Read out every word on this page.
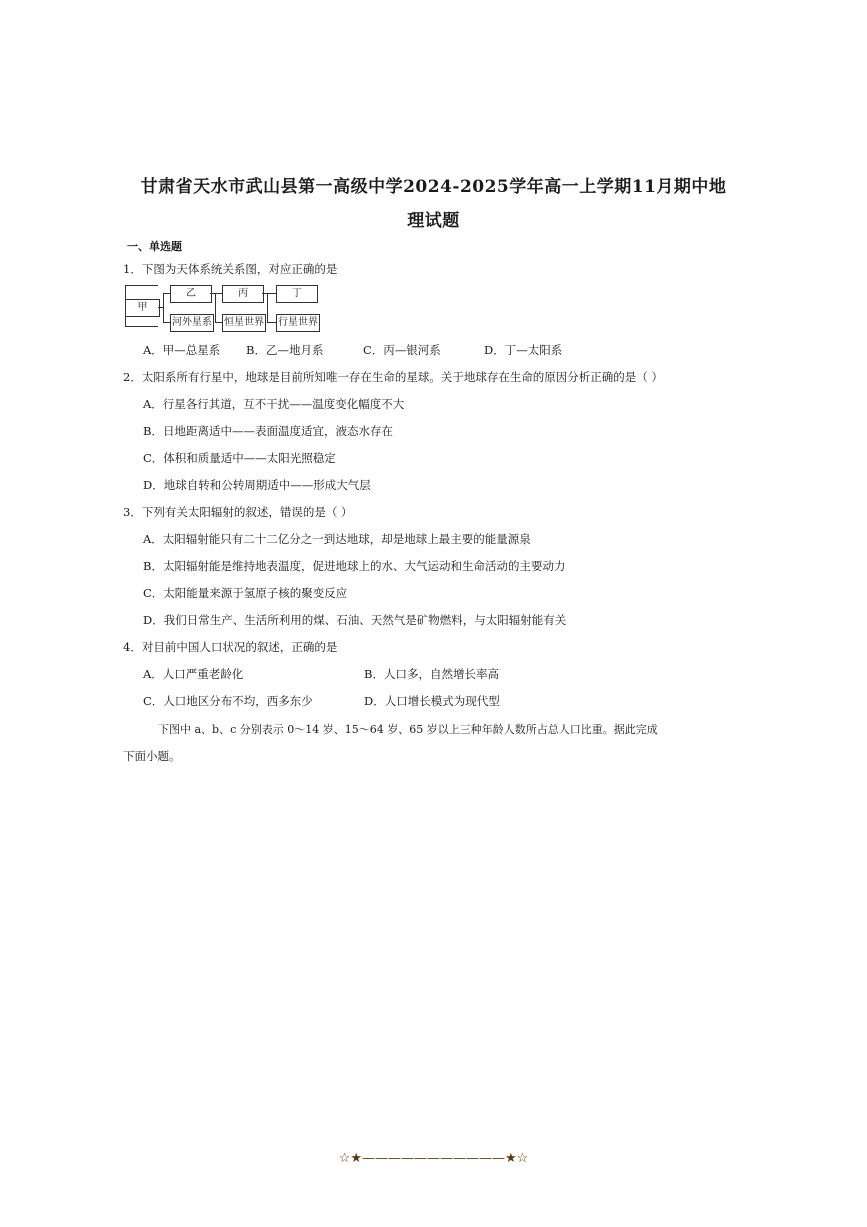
甘肃省天水市武山县第一高级中学2024-2025学年高一上学期11月期中地
理试题
一、单选题
1．下图为天体系统关系图，对应正确的是
甲
乙
河外星系
丙
恒星世界
丁
行星世界
A．甲—总星系 B．乙—地月系	C．丙—银河系	D．丁—太阳系
2．太阳系所有行星中，地球是目前所知唯一存在生命的星球。关于地球存在生命的原因分析正确的是（ ）
A．行星各行其道，互不干扰——温度变化幅度不大
B．日地距离适中——表面温度适宜，液态水存在
C．体积和质量适中——太阳光照稳定
D．地球自转和公转周期适中——形成大气层
3．下列有关太阳辐射的叙述，错误的是（ ）
A．太阳辐射能只有二十二亿分之一到达地球，却是地球上最主要的能量源泉
B．太阳辐射能是维持地表温度，促进地球上的水、大气运动和生命活动的主要动力
C．太阳能量来源于氢原子核的聚变反应
D．我们日常生产、生活所利用的煤、石油、天然气是矿物燃料，与太阳辐射能有关
4．对目前中国人口状况的叙述，正确的是
A．人口严重老龄化	B．人口多，自然增长率高
C．人口地区分布不均，西多东少	D．人口增长模式为现代型
下图中 a、b、c 分别表示 0～14 岁、15～64 岁、65 岁以上三种年龄人数所占总人口比重。据此完成
下面小题。
☆★———————————★☆
